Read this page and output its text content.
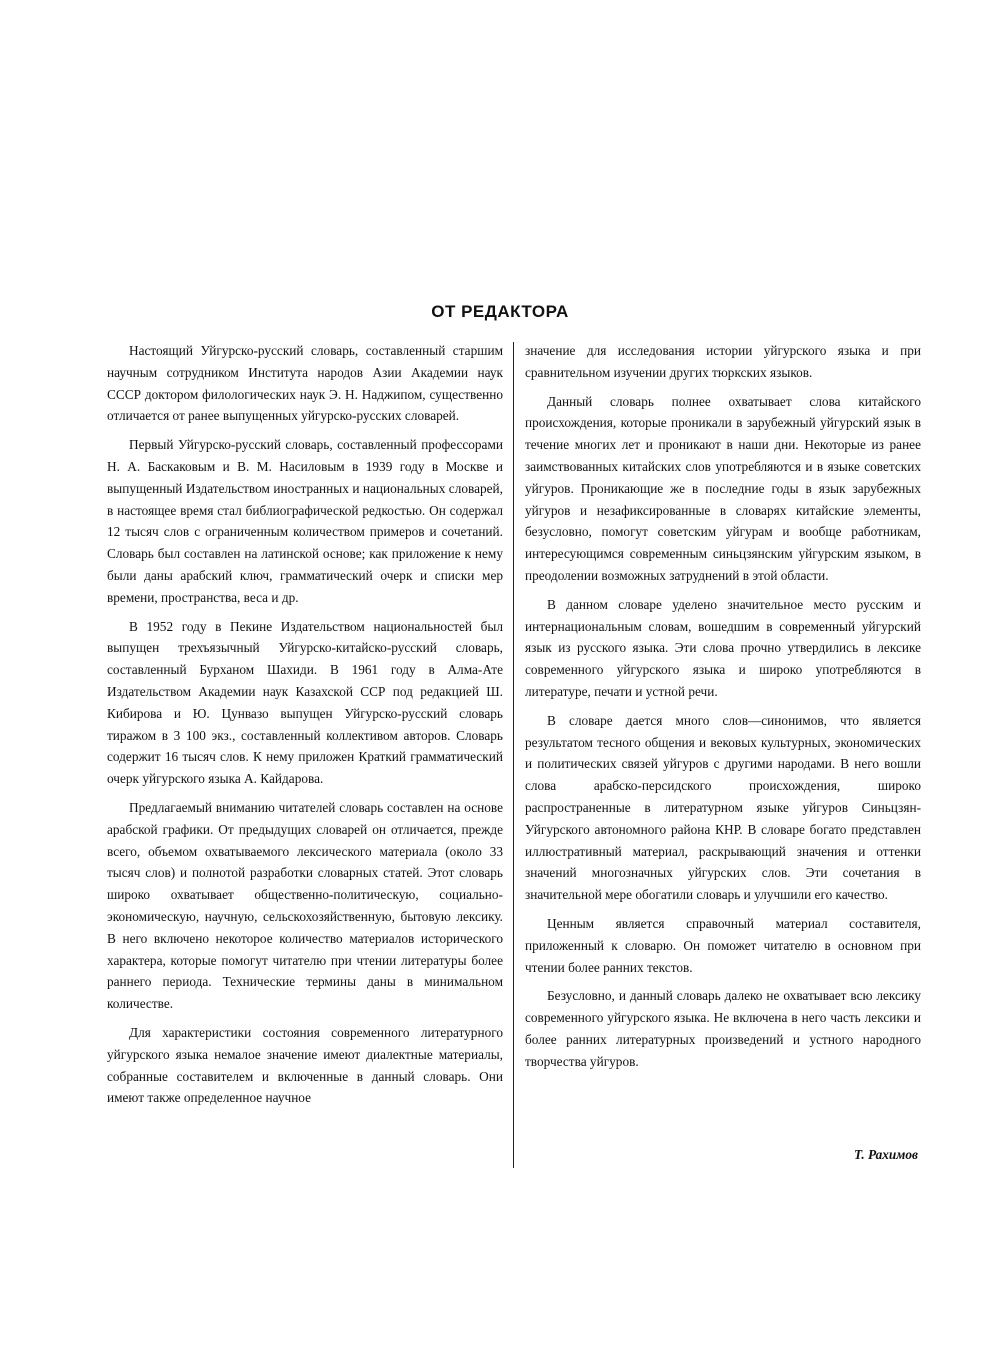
ОТ РЕДАКТОРА

Настоящий Уйгурско-русский словарь, составленный старшим научным сотрудником Института народов Азии Академии наук СССР доктором филологических наук Э. Н. Наджипом, существенно отличается от ранее выпущенных уйгурско-русских словарей.

Первый Уйгурско-русский словарь, составленный профессорами Н. А. Баскаковым и В. М. Насиловым в 1939 году в Москве и выпущенный Издательством иностранных и национальных словарей, в настоящее время стал библиографической редкостью. Он содержал 12 тысяч слов с ограниченным количеством примеров и сочетаний. Словарь был составлен на латинской основе; как приложение к нему были даны арабский ключ, грамматический очерк и списки мер времени, пространства, веса и др.

В 1952 году в Пекине Издательством национальностей был выпущен трехъязычный Уйгурско-китайско-русский словарь, составленный Бурханом Шахиди. В 1961 году в Алма-Ате Издательством Академии наук Казахской ССР под редакцией Ш. Кибирова и Ю. Цунвазо выпущен Уйгурско-русский словарь тиражом в 3 100 экз., составленный коллективом авторов. Словарь содержит 16 тысяч слов. К нему приложен Краткий грамматический очерк уйгурского языка А. Кайдарова.

Предлагаемый вниманию читателей словарь составлен на основе арабской графики. От предыдущих словарей он отличается, прежде всего, объемом охватываемого лексического материала (около 33 тысяч слов) и полнотой разработки словарных статей. Этот словарь широко охватывает общественно-политическую, социально-экономическую, научную, сельскохозяйственную, бытовую лексику. В него включено некоторое количество материалов исторического характера, которые помогут читателю при чтении литературы более раннего периода. Технические термины даны в минимальном количестве.

Для характеристики состояния современного литературного уйгурского языка немалое значение имеют диалектные материалы, собранные составителем и включенные в данный словарь. Они имеют также определенное научное

значение для исследования истории уйгурского языка и при сравнительном изучении других тюркских языков.

Данный словарь полнее охватывает слова китайского происхождения, которые проникали в зарубежный уйгурский язык в течение многих лет и проникают в наши дни. Некоторые из ранее заимствованных китайских слов употребляются и в языке советских уйгуров. Проникающие же в последние годы в язык зарубежных уйгуров и незафиксированные в словарях китайские элементы, безусловно, помогут советским уйгурам и вообще работникам, интересующимся современным синьцзянским уйгурским языком, в преодолении возможных затруднений в этой области.

В данном словаре уделено значительное место русским и интернациональным словам, вошедшим в современный уйгурский язык из русского языка. Эти слова прочно утвердились в лексике современного уйгурского языка и широко употребляются в литературе, печати и устной речи.

В словаре дается много слов—синонимов, что является результатом тесного общения и вековых культурных, экономических и политических связей уйгуров с другими народами. В него вошли слова арабско-персидского происхождения, широко распространенные в литературном языке уйгуров Синьцзян-Уйгурского автономного района КНР. В словаре богато представлен иллюстративный материал, раскрывающий значения и оттенки значений многозначных уйгурских слов. Эти сочетания в значительной мере обогатили словарь и улучшили его качество.

Ценным является справочный материал составителя, приложенный к словарю. Он поможет читателю в основном при чтении более ранних текстов.

Безусловно, и данный словарь далеко не охватывает всю лексику современного уйгурского языка. Не включена в него часть лексики и более ранних литературных произведений и устного народного творчества уйгуров.

Т. Рахимов
